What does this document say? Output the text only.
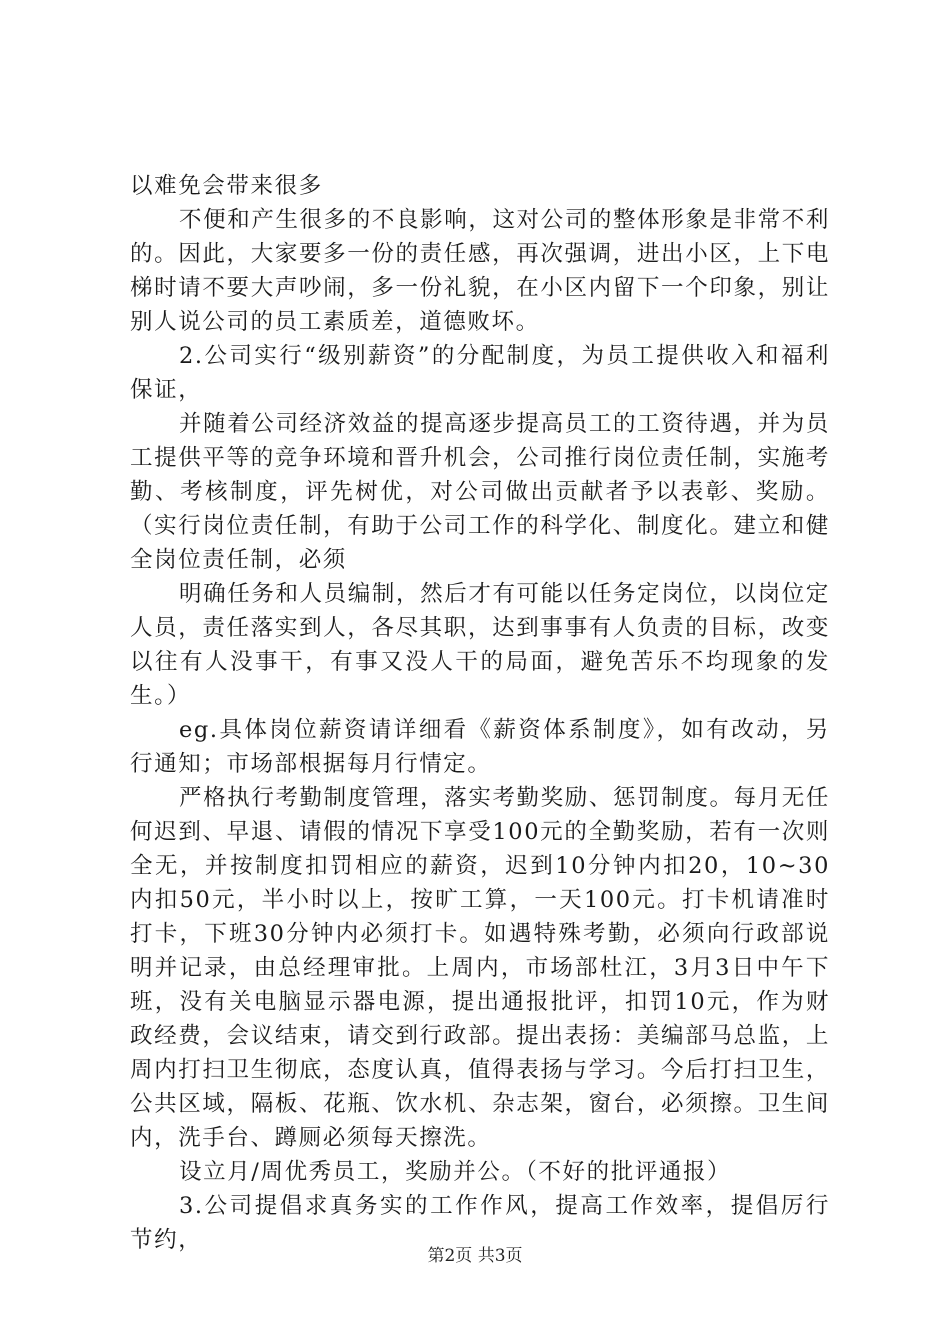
以难免会带来很多

不便和产生很多的不良影响，这对公司的整体形象是非常不利的。因此，大家要多一份的责任感，再次强调，进出小区，上下电梯时请不要大声吵闹，多一份礼貌，在小区内留下一个印象，别让别人说公司的员工素质差，道德败坏。

2.公司实行“级别薪资”的分配制度，为员工提供收入和福利保证，

并随着公司经济效益的提高逐步提高员工的工资待遇，并为员工提供平等的竞争环境和晋升机会，公司推行岗位责任制，实施考勤、考核制度，评先树优，对公司做出贡献者予以表彰、奖励。（实行岗位责任制，有助于公司工作的科学化、制度化。建立和健全岗位责任制，必须

明确任务和人员编制，然后才有可能以任务定岗位，以岗位定人员，责任落实到人，各尽其职，达到事事有人负责的目标，改变以往有人没事干，有事又没人干的局面，避免苦乐不均现象的发生。）

eg.具体岗位薪资请详细看《薪资体系制度》，如有改动，另行通知；市场部根据每月行情定。

严格执行考勤制度管理，落实考勤奖励、惩罚制度。每月无任何迟到、早退、请假的情况下享受100元的全勤奖励，若有一次则全无，并按制度扣罚相应的薪资，迟到10分钟内扣20，10~30内扣50元，半小时以上，按旷工算，一天100元。打卡机请准时打卡，下班30分钟内必须打卡。如遇特殊考勤，必须向行政部说明并记录，由总经理审批。上周内，市场部杜江，3月3日中午下班，没有关电脑显示器电源，提出通报批评，扣罚10元，作为财政经费，会议结束，请交到行政部。提出表扬：美编部马总监，上周内打扫卫生彻底，态度认真，值得表扬与学习。今后打扫卫生，公共区域，隔板、花瓶、饮水机、杂志架，窗台，必须擦。卫生间内，洗手台、蹲厕必须每天擦洗。

设立月/周优秀员工，奖励并公。（不好的批评通报）

3.公司提倡求真务实的工作作风，提高工作效率，提倡厉行节约，

第2页 共3页
